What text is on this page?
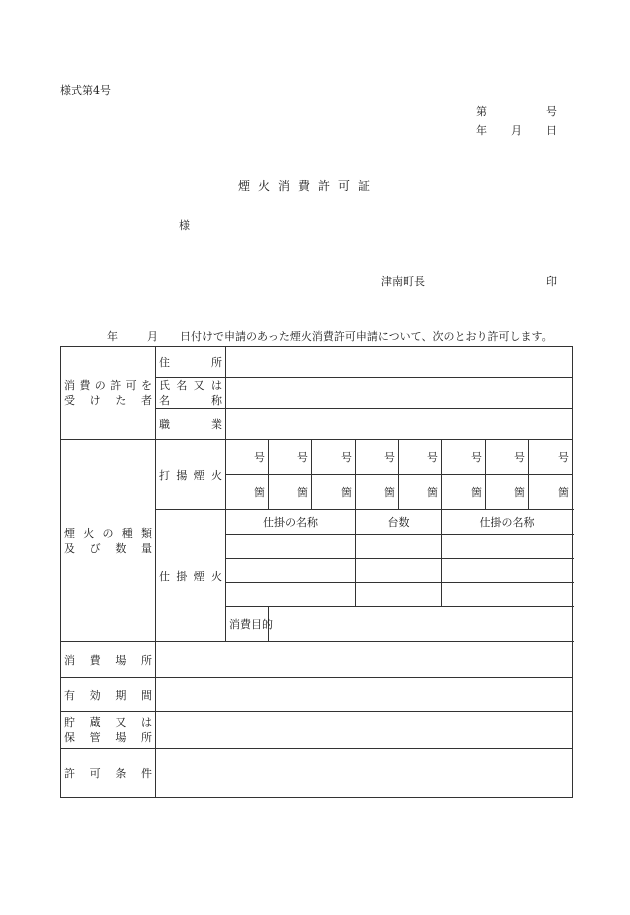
様式第4号
第	号
年 月 日
煙火消費許可証
様
津南町長	印
年	月 日付けで申請のあった煙火消費許可申請について、次のとおり許可します。
消費の許可を
受けた者	住所									

	氏名又は
名称									

	職業									

煙火の種類
及び数量	打揚煙火	号	号	号	号	号	号	号	号	
		箇	箇	箇	箇	箇	箇	箇	箇	
	仕掛煙火	仕掛の名称			台数		仕掛の名称	

		消費目的								
消費場所										
有効期間										

貯蔵又は
保管場所										

許可条件										
